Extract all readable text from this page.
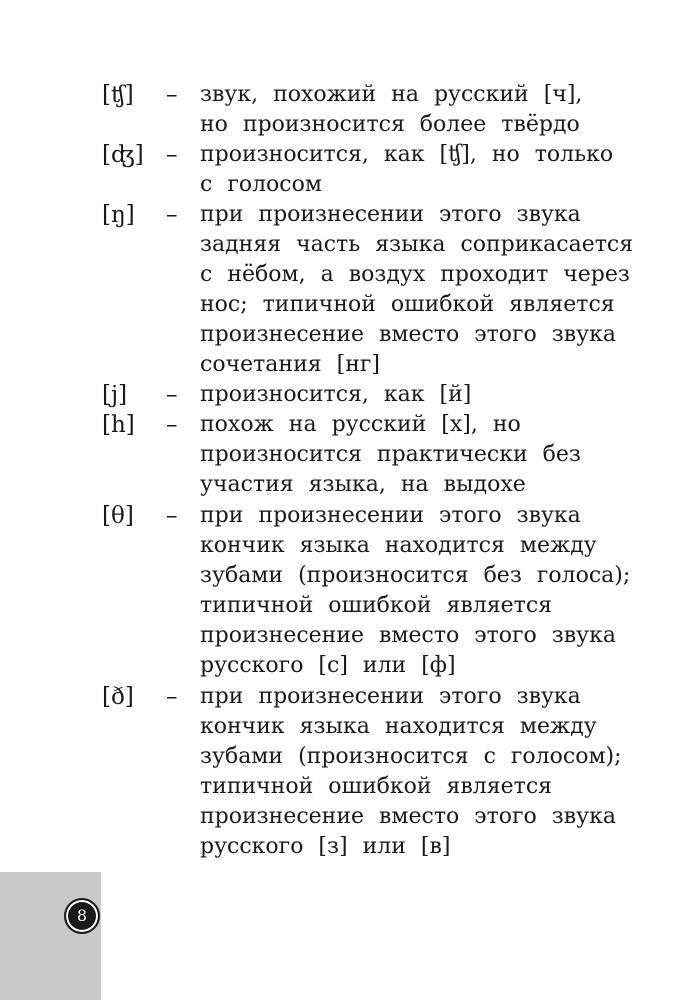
[ʧ] – звук, похожий на русский [ч],
но произносится более твёрдо
[ʤ] – произносится, как [ʧ], но только
с голосом
[ŋ] – при произнесении этого звука
задняя часть языка соприкасается
с нёбом, а воздух проходит через
нос; типичной ошибкой является
произнесение вместо этого звука
сочетания [нг]
[j] – произносится, как [й]
[h] – похож на русский [х], но
произносится практически без
участия языка, на выдохе
[θ] – при произнесении этого звука
кончик языка находится между
зубами (произносится без голоса);
типичной ошибкой является
произнесение вместо этого звука
русского [с] или [ф]
[ð] – при произнесении этого звука
кончик языка находится между
зубами (произносится с голосом);
типичной ошибкой является
произнесение вместо этого звука
русского [з] или [в]
8
